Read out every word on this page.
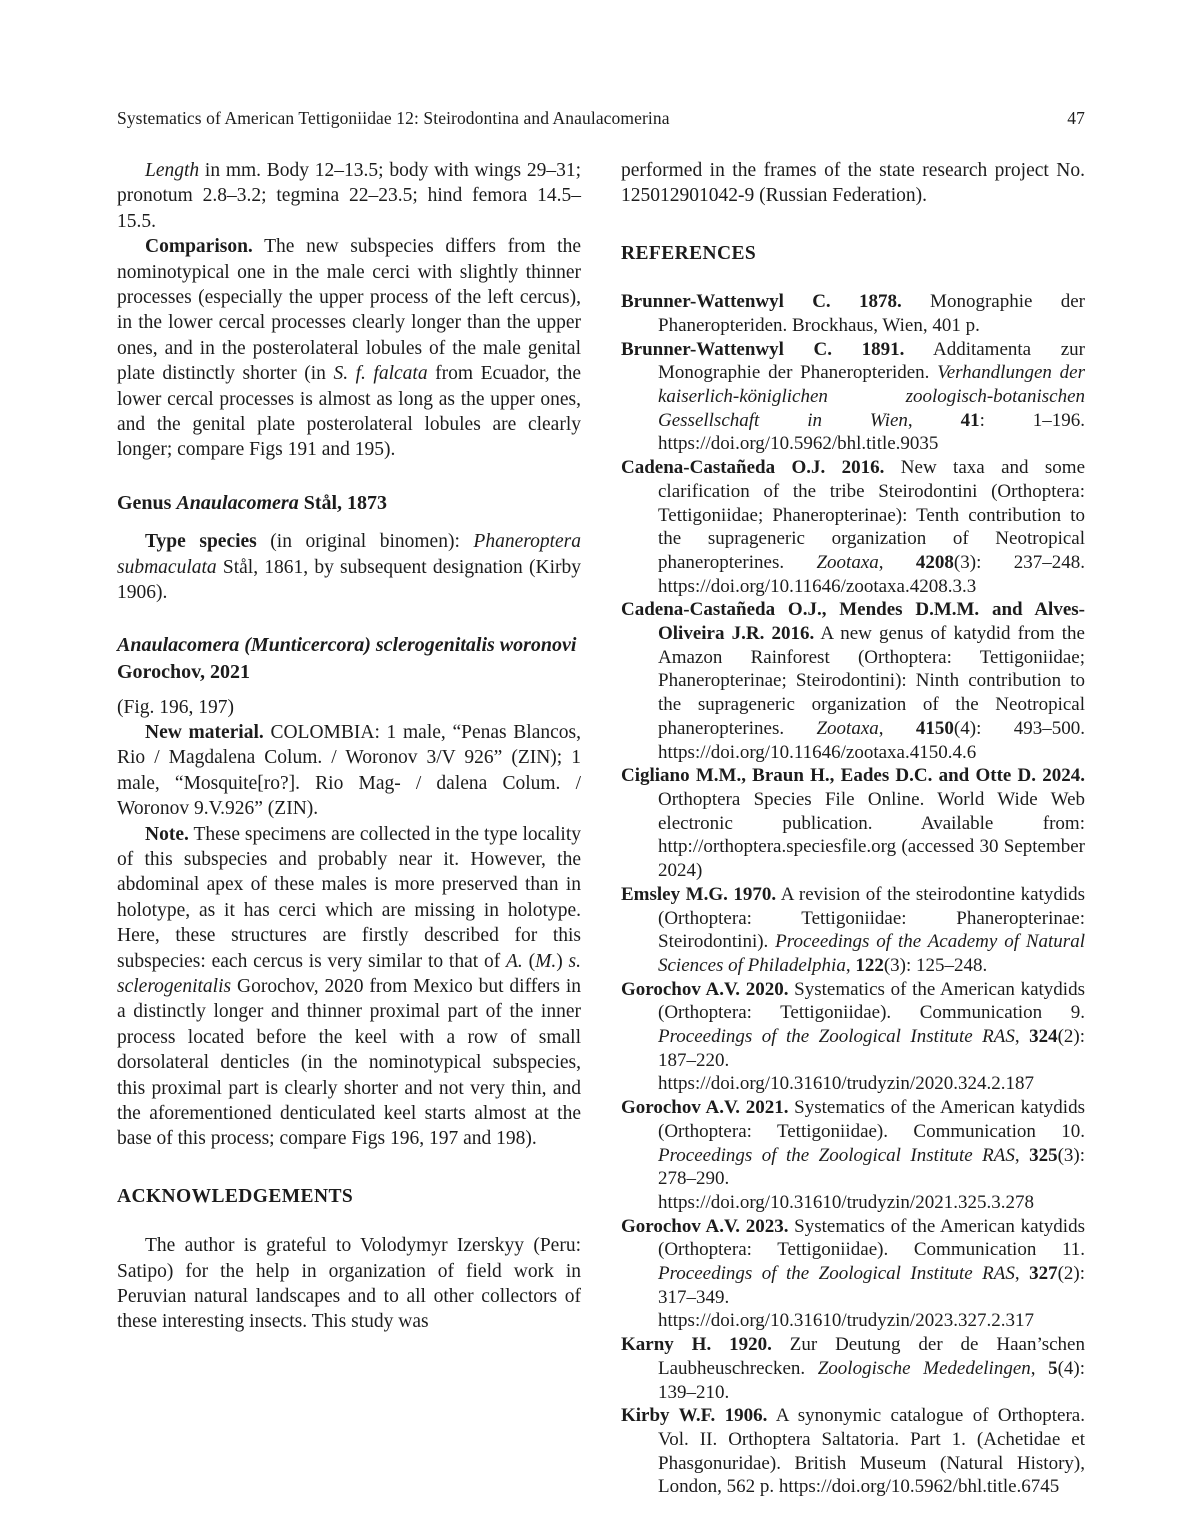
Systematics of American Tettigoniidae 12: Steirodontina and Anaulacomerina	47

Length in mm. Body 12–13.5; body with wings 29–31; pronotum 2.8–3.2; tegmina 22–23.5; hind femora 14.5–15.5.

Comparison. The new subspecies differs from the nominotypical one in the male cerci with slightly thinner processes (especially the upper process of the left cercus), in the lower cercal processes clearly longer than the upper ones, and in the posterolateral lobules of the male genital plate distinctly shorter (in S. f. falcata from Ecuador, the lower cercal processes is almost as long as the upper ones, and the genital plate posterolateral lobules are clearly longer; compare Figs 191 and 195).

Genus Anaulacomera Stål, 1873

Type species (in original binomen): Phaneroptera submaculata Stål, 1861, by subsequent designation (Kirby 1906).

Anaulacomera (Munticercora) sclerogenitalis woronovi Gorochov, 2021

(Fig. 196, 197)

New material. COLOMBIA: 1 male, “Penas Blancos, Rio / Magdalena Colum. / Woronov 3/V 926” (ZIN); 1 male, “Mosquite[ro?]. Rio Mag- / dalena Colum. / Woronov 9.V.926” (ZIN).

Note. These specimens are collected in the type locality of this subspecies and probably near it. However, the abdominal apex of these males is more preserved than in holotype, as it has cerci which are missing in holotype. Here, these structures are firstly described for this subspecies: each cercus is very similar to that of A. (M.) s. sclerogenitalis Gorochov, 2020 from Mexico but differs in a distinctly longer and thinner proximal part of the inner process located before the keel with a row of small dorsolateral denticles (in the nominotypical subspecies, this proximal part is clearly shorter and not very thin, and the aforementioned denticulated keel starts almost at the base of this process; compare Figs 196, 197 and 198).

ACKNOWLEDGEMENTS

The author is grateful to Volodymyr Izerskyy (Peru: Satipo) for the help in organization of field work in Peruvian natural landscapes and to all other collectors of these interesting insects. This study was

performed in the frames of the state research project No. 125012901042-9 (Russian Federation).

REFERENCES

Brunner-Wattenwyl C. 1878. Monographie der Phaneropteriden. Brockhaus, Wien, 401 p.

Brunner-Wattenwyl C. 1891. Additamenta zur Monographie der Phaneropteriden. Verhandlungen der kaiserlich-königlichen zoologisch-botanischen Gessellschaft in Wien, 41: 1–196. https://doi.org/10.5962/bhl.title.9035

Cadena-Castañeda O.J. 2016. New taxa and some clarification of the tribe Steirodontini (Orthoptera: Tettigoniidae; Phaneropterinae): Tenth contribution to the suprageneric organization of Neotropical phaneropterines. Zootaxa, 4208(3): 237–248. https://doi.org/10.11646/zootaxa.4208.3.3

Cadena-Castañeda O.J., Mendes D.M.M. and Alves-Oliveira J.R. 2016. A new genus of katydid from the Amazon Rainforest (Orthoptera: Tettigoniidae; Phaneropterinae; Steirodontini): Ninth contribution to the suprageneric organization of the Neotropical phaneropterines. Zootaxa, 4150(4): 493–500. https://doi.org/10.11646/zootaxa.4150.4.6

Cigliano M.M., Braun H., Eades D.C. and Otte D. 2024. Orthoptera Species File Online. World Wide Web electronic publication. Available from: http://orthoptera.speciesfile.org (accessed 30 September 2024)

Emsley M.G. 1970. A revision of the steirodontine katydids (Orthoptera: Tettigoniidae: Phaneropterinae: Steirodontini). Proceedings of the Academy of Natural Sciences of Philadelphia, 122(3): 125–248.

Gorochov A.V. 2020. Systematics of the American katydids (Orthoptera: Tettigoniidae). Communication 9. Proceedings of the Zoological Institute RAS, 324(2): 187–220. https://doi.org/10.31610/trudyzin/2020.324.2.187

Gorochov A.V. 2021. Systematics of the American katydids (Orthoptera: Tettigoniidae). Communication 10. Proceedings of the Zoological Institute RAS, 325(3): 278–290. https://doi.org/10.31610/trudyzin/2021.325.3.278

Gorochov A.V. 2023. Systematics of the American katydids (Orthoptera: Tettigoniidae). Communication 11. Proceedings of the Zoological Institute RAS, 327(2): 317–349. https://doi.org/10.31610/trudyzin/2023.327.2.317

Karny H. 1920. Zur Deutung der de Haan’schen Laubheuschrecken. Zoologische Mededelingen, 5(4): 139–210.

Kirby W.F. 1906. A synonymic catalogue of Orthoptera. Vol. II. Orthoptera Saltatoria. Part 1. (Achetidae et Phasgonuridae). British Museum (Natural History), London, 562 p. https://doi.org/10.5962/bhl.title.6745
